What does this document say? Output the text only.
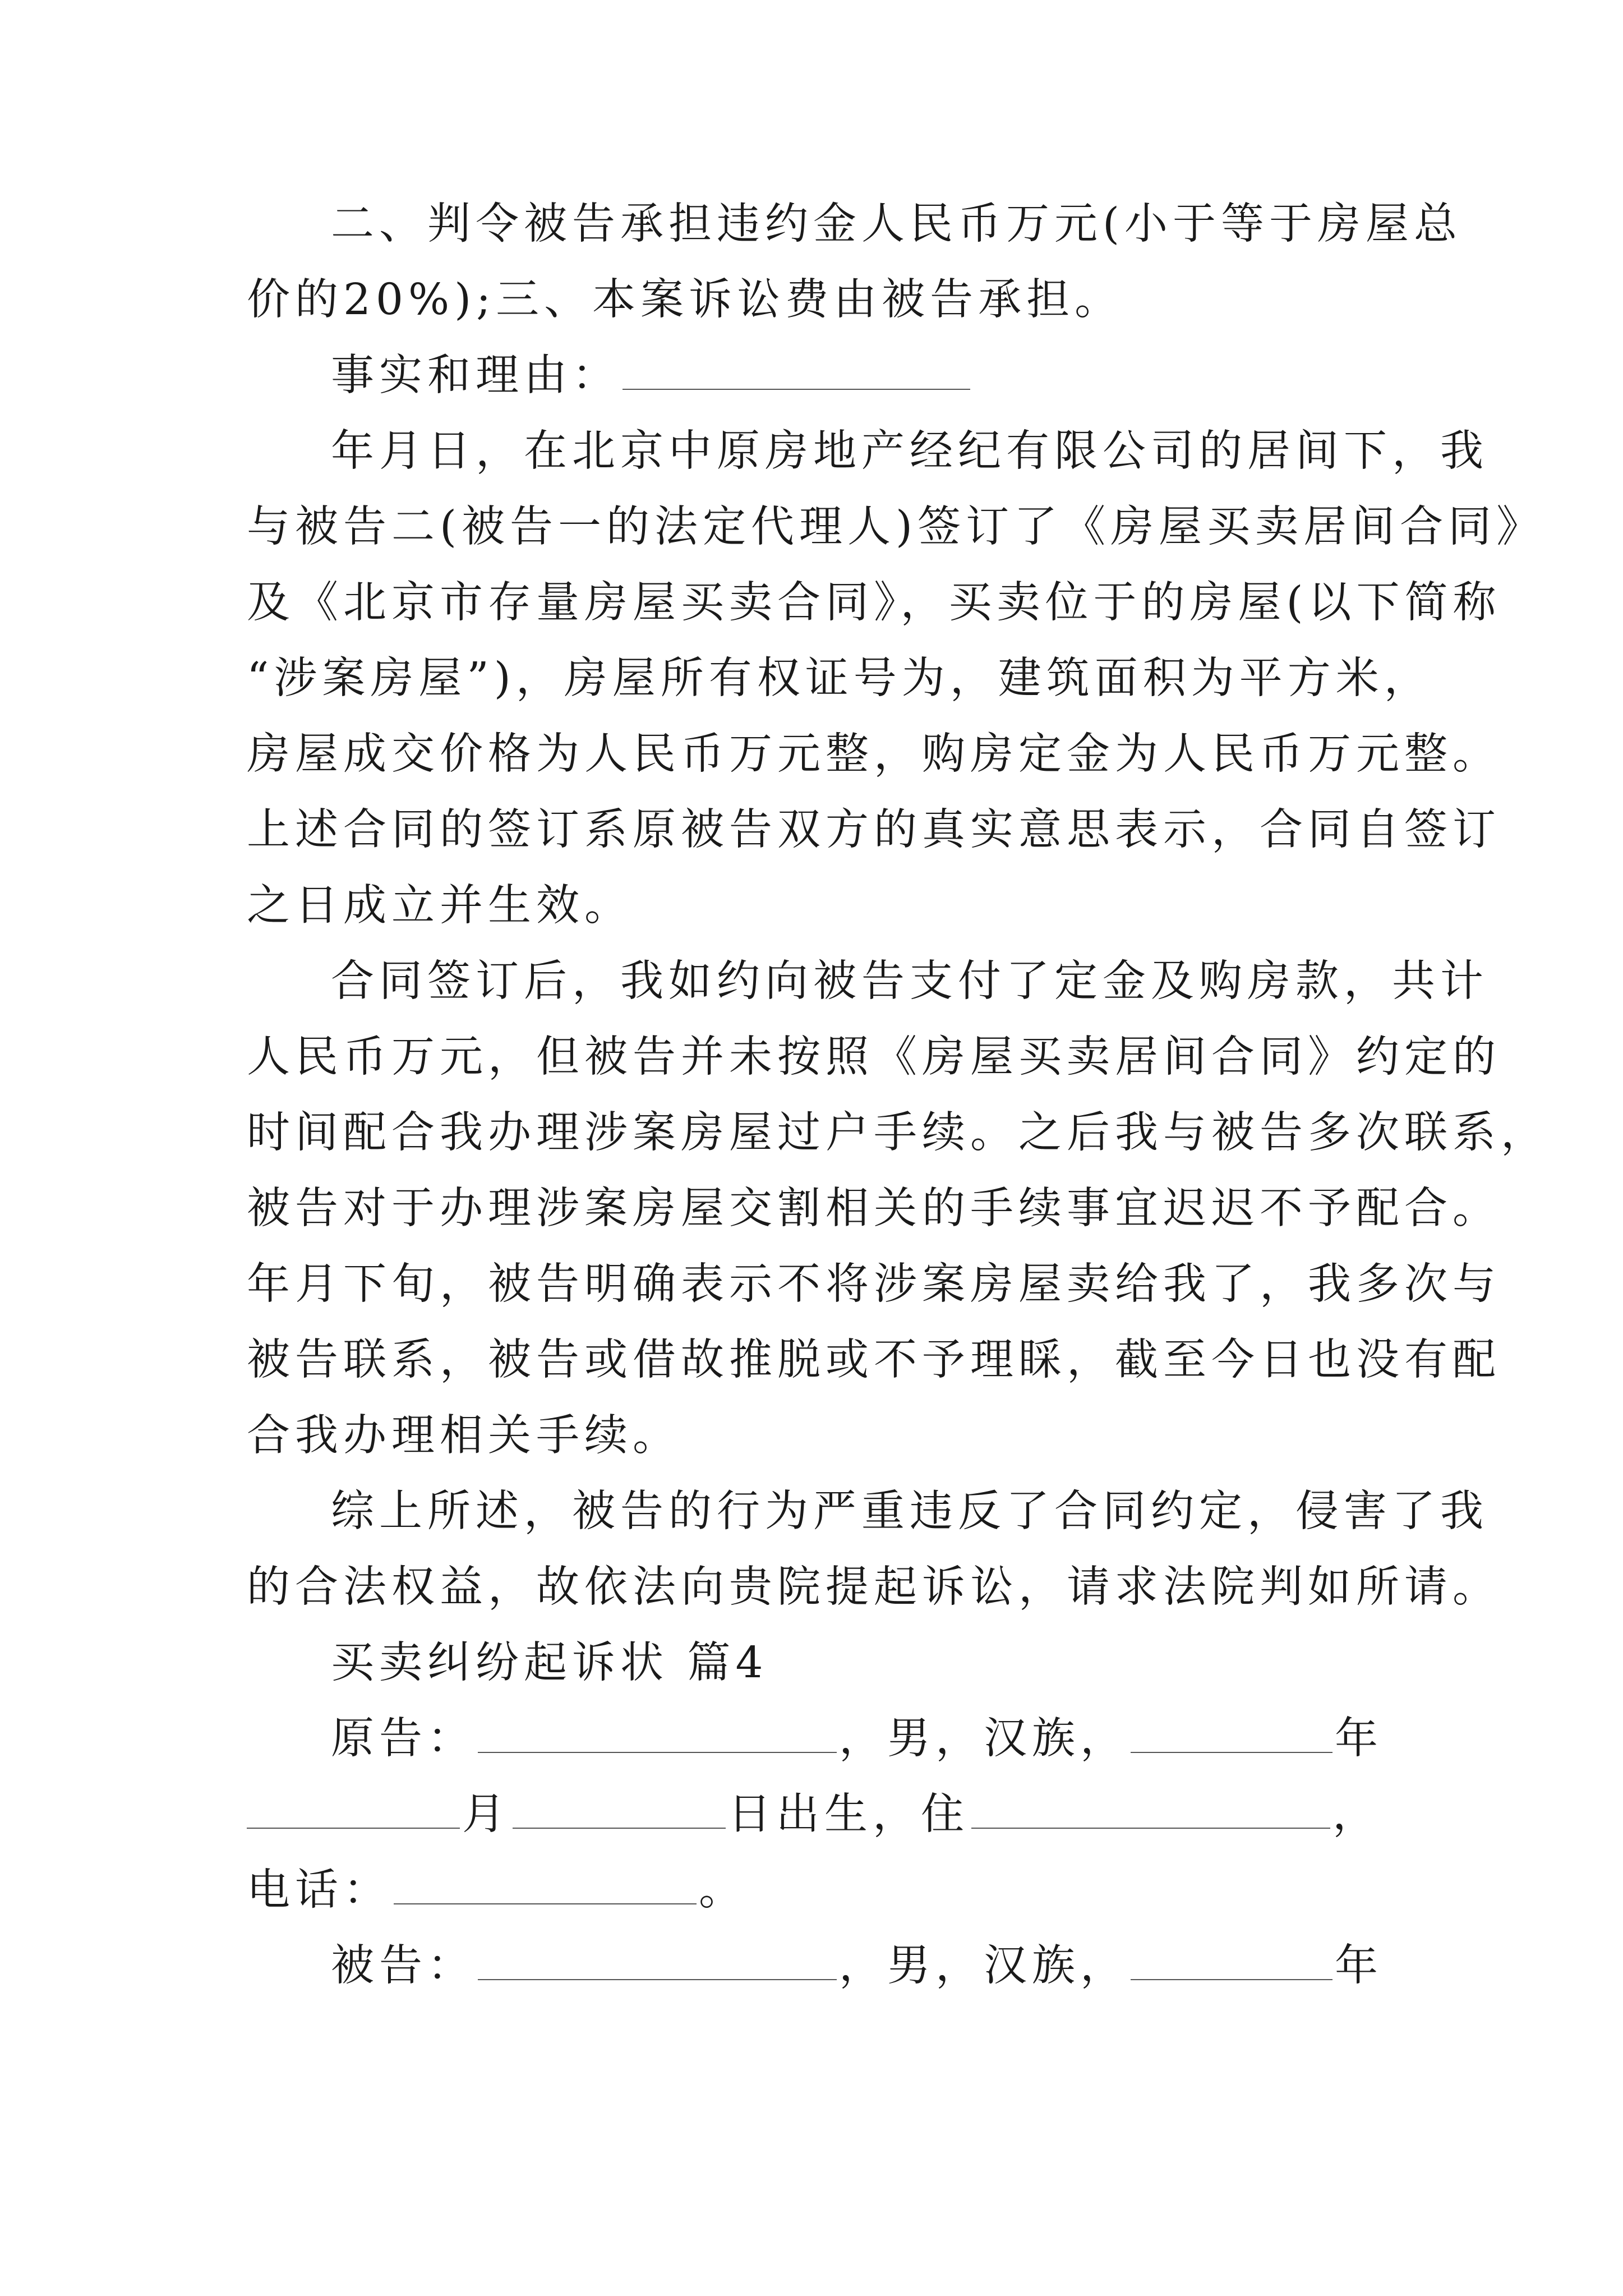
二、判令被告承担违约金人民币万元(小于等于房屋总
价的20%);三、本案诉讼费由被告承担。
事实和理由：
年月日，在北京中原房地产经纪有限公司的居间下，我
与被告二(被告一的法定代理人)签订了《房屋买卖居间合同》
及《北京市存量房屋买卖合同》，买卖位于的房屋(以下简称
“涉案房屋”)，房屋所有权证号为，建筑面积为平方米，
房屋成交价格为人民币万元整，购房定金为人民币万元整。
上述合同的签订系原被告双方的真实意思表示，合同自签订
之日成立并生效。
合同签订后，我如约向被告支付了定金及购房款，共计
人民币万元，但被告并未按照《房屋买卖居间合同》约定的
时间配合我办理涉案房屋过户手续。之后我与被告多次联系，
被告对于办理涉案房屋交割相关的手续事宜迟迟不予配合。
年月下旬，被告明确表示不将涉案房屋卖给我了，我多次与
被告联系，被告或借故推脱或不予理睬，截至今日也没有配
合我办理相关手续。
综上所述，被告的行为严重违反了合同约定，侵害了我
的合法权益，故依法向贵院提起诉讼，请求法院判如所请。
买卖纠纷起诉状 篇4
原告：	，男，汉族，	年
月	日出生，住	，
电话：	。
被告：	，男，汉族，	年
